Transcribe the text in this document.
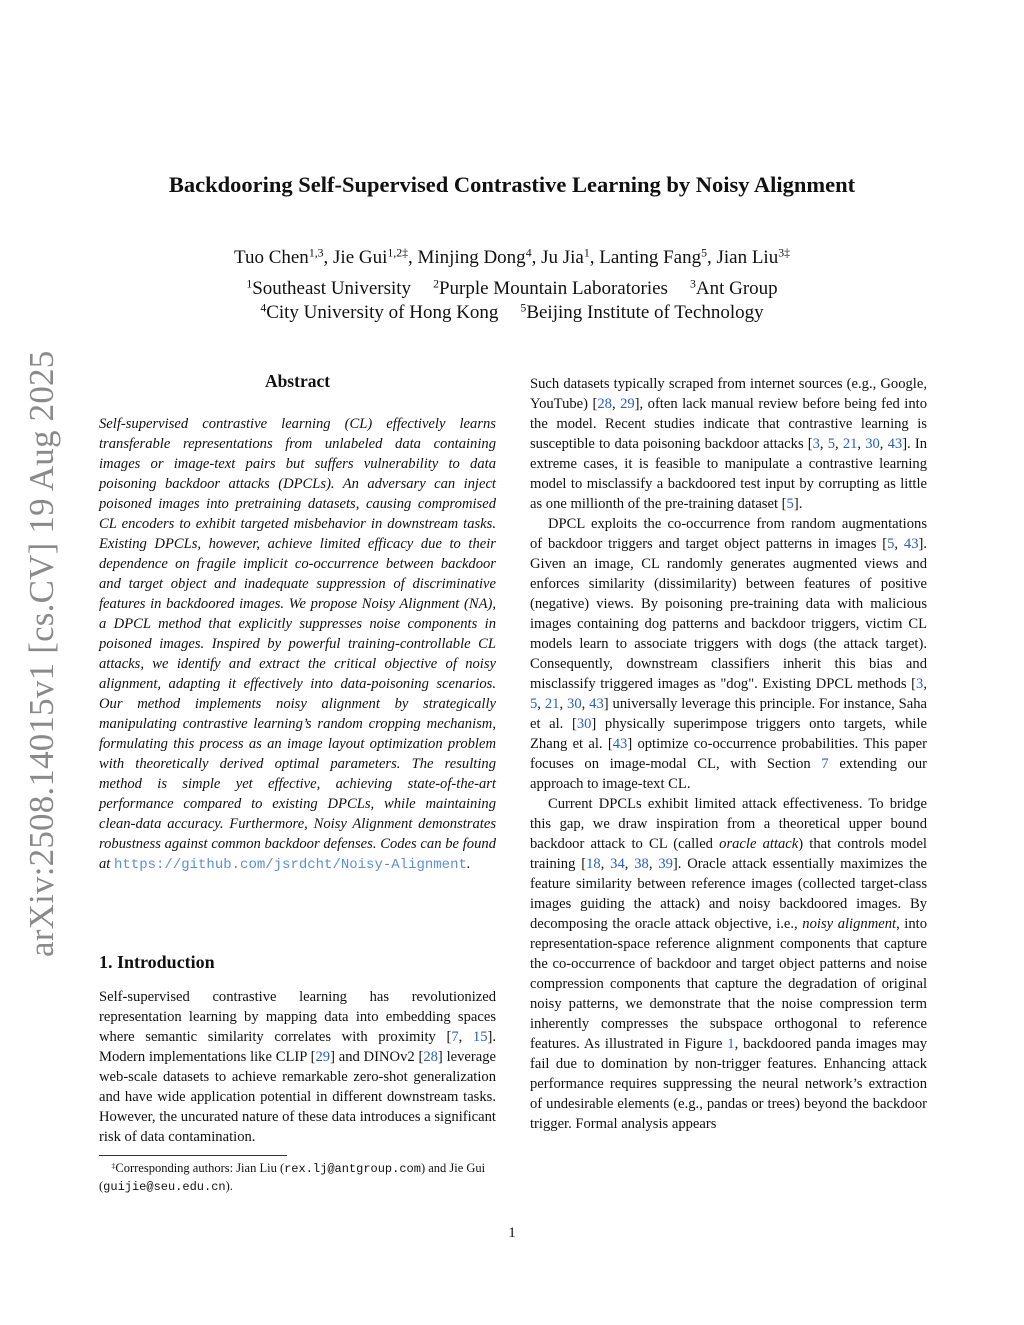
arXiv:2508.14015v1 [cs.CV] 19 Aug 2025
Backdooring Self-Supervised Contrastive Learning by Noisy Alignment

Tuo Chen$^{1,3}$, Jie Gui$^{1,2\ddagger}$, Minjing Dong$^4$, Ju Jia$^1$, Lanting Fang$^5$, Jian Liu$^{3\ddagger}$

$^1$Southeast University $^2$Purple Mountain Laboratories $^3$Ant Group

$^4$City University of Hong Kong $^5$Beijing Institute of Technology

Abstract

Self-supervised contrastive learning (CL) effectively learns transferable representations from unlabeled data containing images or image-text pairs but suffers vulnerability to data poisoning backdoor attacks (DPCLs). An adversary can inject poisoned images into pretraining datasets, causing compromised CL encoders to exhibit targeted misbehavior in downstream tasks. Existing DPCLs, however, achieve limited efficacy due to their dependence on fragile implicit co-occurrence between backdoor and target object and inadequate suppression of discriminative features in backdoored images. We propose Noisy Alignment (NA), a DPCL method that explicitly suppresses noise components in poisoned images. Inspired by powerful training-controllable CL attacks, we identify and extract the critical objective of noisy alignment, adapting it effectively into data-poisoning scenarios. Our method implements noisy alignment by strategically manipulating contrastive learning’s random cropping mechanism, formulating this process as an image layout optimization problem with theoretically derived optimal parameters. The resulting method is simple yet effective, achieving state-of-the-art performance compared to existing DPCLs, while maintaining clean-data accuracy. Furthermore, Noisy Alignment demonstrates robustness against common backdoor defenses. Codes can be found at https://github.com/jsrdcht/Noisy-Alignment.

1. Introduction

Self-supervised contrastive learning has revolutionized representation learning by mapping data into embedding spaces where semantic similarity correlates with proximity [7, 15]. Modern implementations like CLIP [29] and DINOv2 [28] leverage web-scale datasets to achieve remarkable zero-shot generalization and have wide application potential in different downstream tasks. However, the uncurated nature of these data introduces a significant risk of data contamination.

‡Corresponding authors: Jian Liu (rex.lj@antgroup.com) and Jie Gui (guijie@seu.edu.cn).

Such datasets typically scraped from internet sources (e.g., Google, YouTube) [28, 29], often lack manual review before being fed into the model. Recent studies indicate that contrastive learning is susceptible to data poisoning backdoor attacks [3, 5, 21, 30, 43]. In extreme cases, it is feasible to manipulate a contrastive learning model to misclassify a backdoored test input by corrupting as little as one millionth of the pre-training dataset [5].

DPCL exploits the co-occurrence from random augmentations of backdoor triggers and target object patterns in images [5, 43]. Given an image, CL randomly generates augmented views and enforces similarity (dissimilarity) between features of positive (negative) views. By poisoning pre-training data with malicious images containing dog patterns and backdoor triggers, victim CL models learn to associate triggers with dogs (the attack target). Consequently, downstream classifiers inherit this bias and misclassify triggered images as "dog". Existing DPCL methods [3, 5, 21, 30, 43] universally leverage this principle. For instance, Saha et al. [30] physically superimpose triggers onto targets, while Zhang et al. [43] optimize co-occurrence probabilities. This paper focuses on image-modal CL, with Section 7 extending our approach to image-text CL.

Current DPCLs exhibit limited attack effectiveness. To bridge this gap, we draw inspiration from a theoretical upper bound backdoor attack to CL (called oracle attack) that controls model training [18, 34, 38, 39]. Oracle attack essentially maximizes the feature similarity between reference images (collected target-class images guiding the attack) and noisy backdoored images. By decomposing the oracle attack objective, i.e., noisy alignment, into representation-space reference alignment components that capture the co-occurrence of backdoor and target object patterns and noise compression components that capture the degradation of original noisy patterns, we demonstrate that the noise compression term inherently compresses the subspace orthogonal to reference features. As illustrated in Figure 1, backdoored panda images may fail due to domination by non-trigger features. Enhancing attack performance requires suppressing the neural network’s extraction of undesirable elements (e.g., pandas or trees) beyond the backdoor trigger. Formal analysis appears

1
